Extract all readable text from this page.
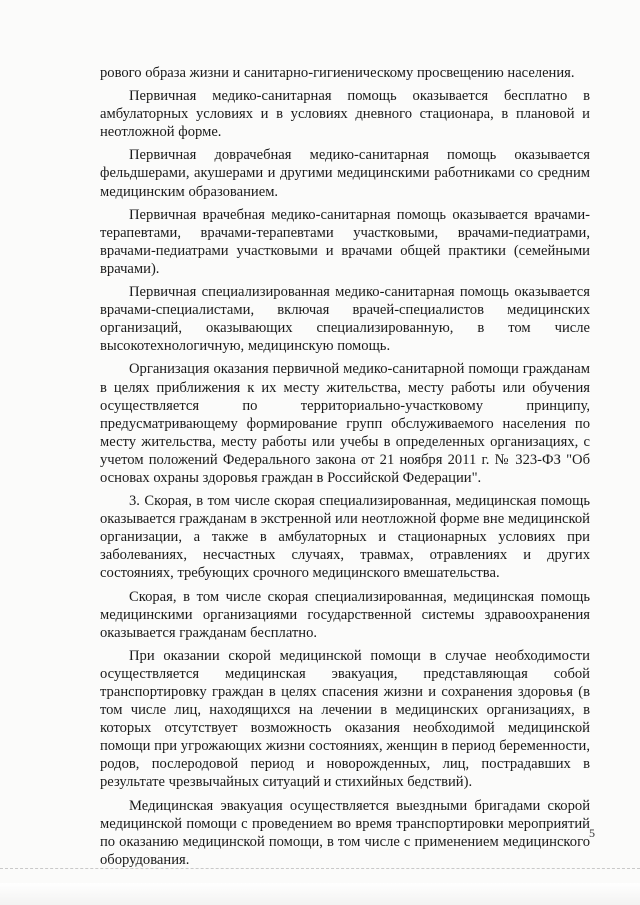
рового образа жизни и санитарно-гигиеническому просвещению населения.

Первичная медико-санитарная помощь оказывается бесплатно в амбулаторных условиях и в условиях дневного стационара, в плановой и неотложной форме.

Первичная доврачебная медико-санитарная помощь оказывается фельдшерами, акушерами и другими медицинскими работниками со средним медицинским образованием.

Первичная врачебная медико-санитарная помощь оказывается врачами-терапевтами, врачами-терапевтами участковыми, врачами-педиатрами, врачами-педиатрами участковыми и врачами общей практики (семейными врачами).

Первичная специализированная медико-санитарная помощь оказывается врачами-специалистами, включая врачей-специалистов медицинских организаций, оказывающих специализированную, в том числе высокотехнологичную, медицинскую помощь.

Организация оказания первичной медико-санитарной помощи гражданам в целях приближения к их месту жительства, месту работы или обучения осуществляется по территориально-участковому принципу, предусматривающему формирование групп обслуживаемого населения по месту жительства, месту работы или учебы в определенных организациях, с учетом положений Федерального закона от 21 ноября 2011 г. № 323-ФЗ "Об основах охраны здоровья граждан в Российской Федерации".

3. Скорая, в том числе скорая специализированная, медицинская помощь оказывается гражданам в экстренной или неотложной форме вне медицинской организации, а также в амбулаторных и стационарных условиях при заболеваниях, несчастных случаях, травмах, отравлениях и других состояниях, требующих срочного медицинского вмешательства.

Скорая, в том числе скорая специализированная, медицинская помощь медицинскими организациями государственной системы здравоохранения оказывается гражданам бесплатно.

При оказании скорой медицинской помощи в случае необходимости осуществляется медицинская эвакуация, представляющая собой транспортировку граждан в целях спасения жизни и сохранения здоровья (в том числе лиц, находящихся на лечении в медицинских организациях, в которых отсутствует возможность оказания необходимой медицинской помощи при угрожающих жизни состояниях, женщин в период беременности, родов, послеродовой период и новорожденных, лиц, пострадавших в результате чрезвычайных ситуаций и стихийных бедствий).

Медицинская эвакуация осуществляется выездными бригадами скорой медицинской помощи с проведением во время транспортировки мероприятий по оказанию медицинской помощи, в том числе с применением медицинского оборудования.

5
